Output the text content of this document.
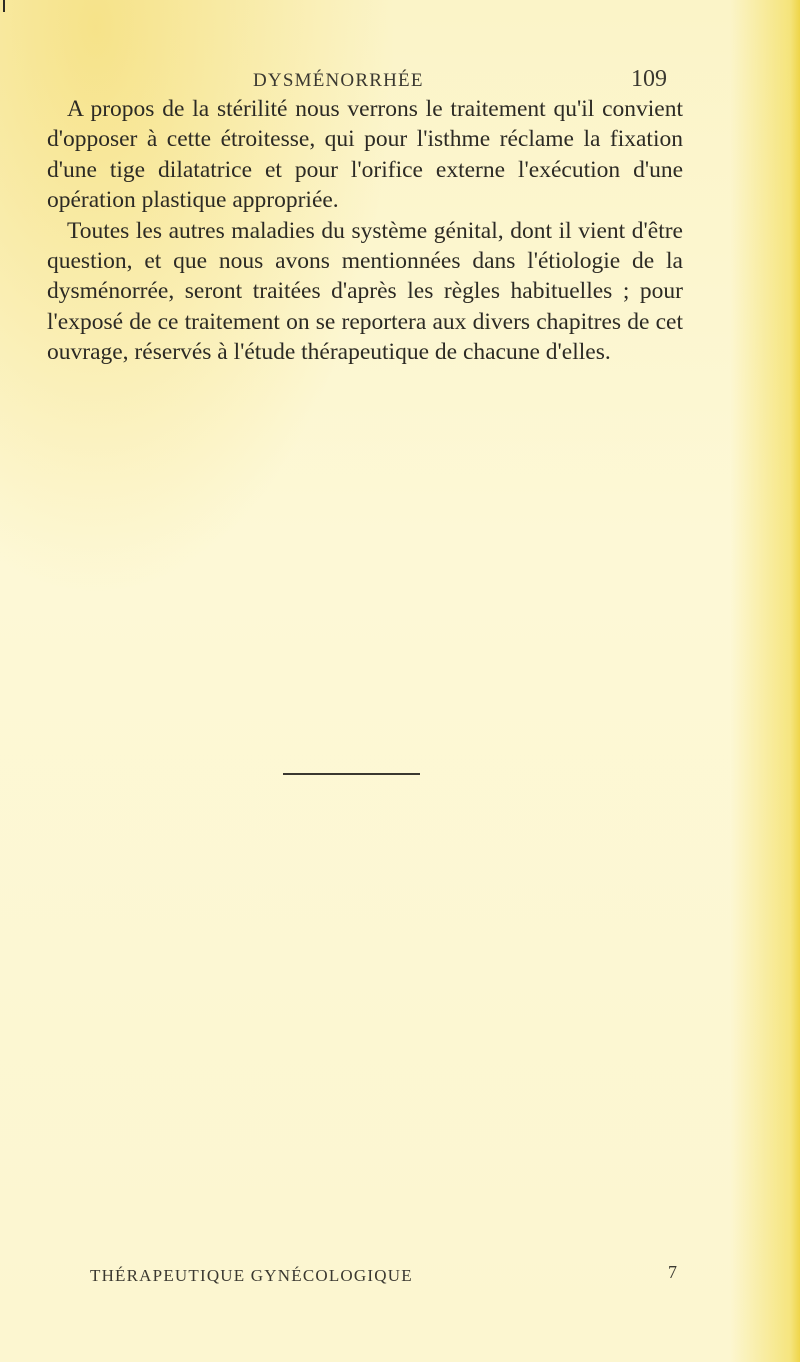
DYSMÉNORRHÉE	109

A propos de la stérilité nous verrons le traitement qu'il convient d'opposer à cette étroitesse, qui pour l'isthme réclame la fixation d'une tige dilatatrice et pour l'orifice externe l'exécution d'une opération plastique appropriée.

Toutes les autres maladies du système génital, dont il vient d'être question, et que nous avons mentionnées dans l'étiologie de la dysménorrée, seront traitées d'après les règles habituelles ; pour l'exposé de ce traitement on se reportera aux divers chapitres de cet ouvrage, réservés à l'étude thérapeutique de chacune d'elles.

THÉRAPEUTIQUE GYNÉCOLOGIQUE	7
